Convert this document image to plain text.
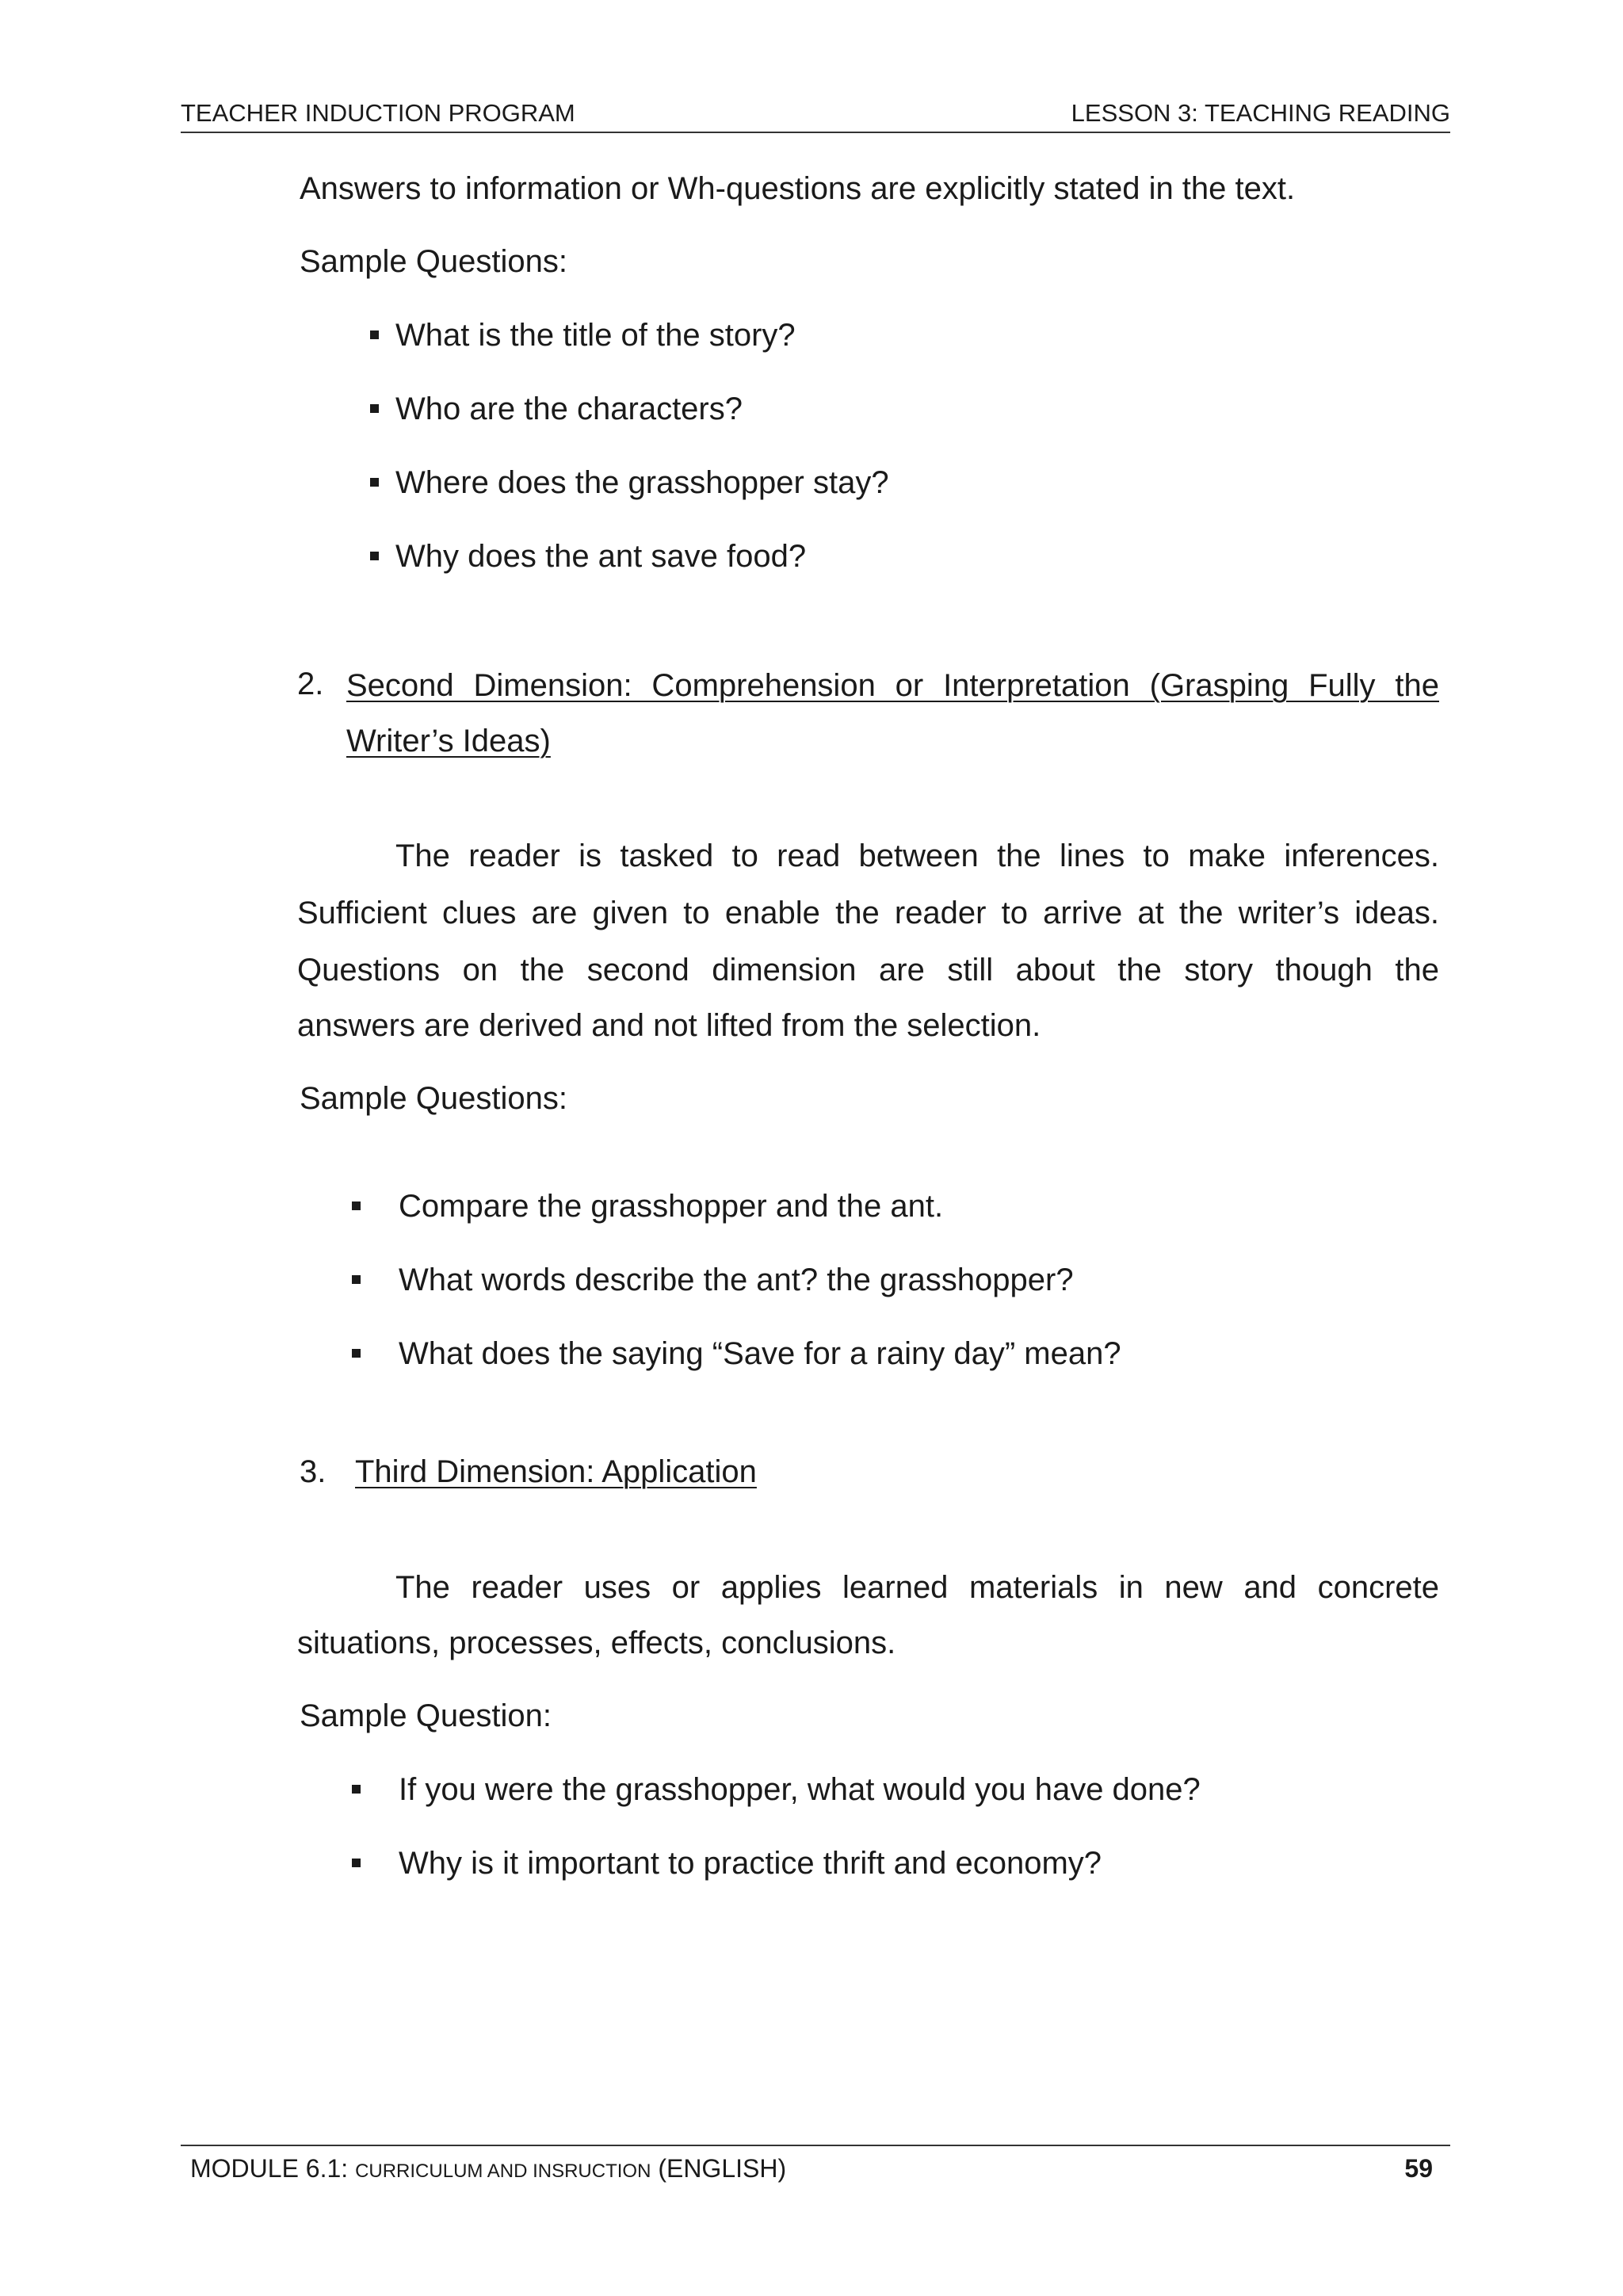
TEACHER INDUCTION PROGRAM	LESSON 3: TEACHING READING
Answers to information or Wh-questions are explicitly stated in the text.
Sample Questions:
What is the title of the story?
Who are the characters?
Where does the grasshopper stay?
Why does the ant save food?
2. Second Dimension: Comprehension or Interpretation (Grasping Fully the
Writer’s Ideas)
The reader is tasked to read between the lines to make inferences.
Sufficient clues are given to enable the reader to arrive at the writer’s ideas.
Questions on the second dimension are still about the story though the
answers are derived and not lifted from the selection.
Sample Questions:
Compare the grasshopper and the ant.
What words describe the ant? the grasshopper?
What does the saying “Save for a rainy day” mean?
3. Third Dimension: Application
The reader uses or applies learned materials in new and concrete
situations, processes, effects, conclusions.
Sample Question:
If you were the grasshopper, what would you have done?
Why is it important to practice thrift and economy?
MODULE 6.1: CURRICULUM AND INSRUCTION (ENGLISH)	59
